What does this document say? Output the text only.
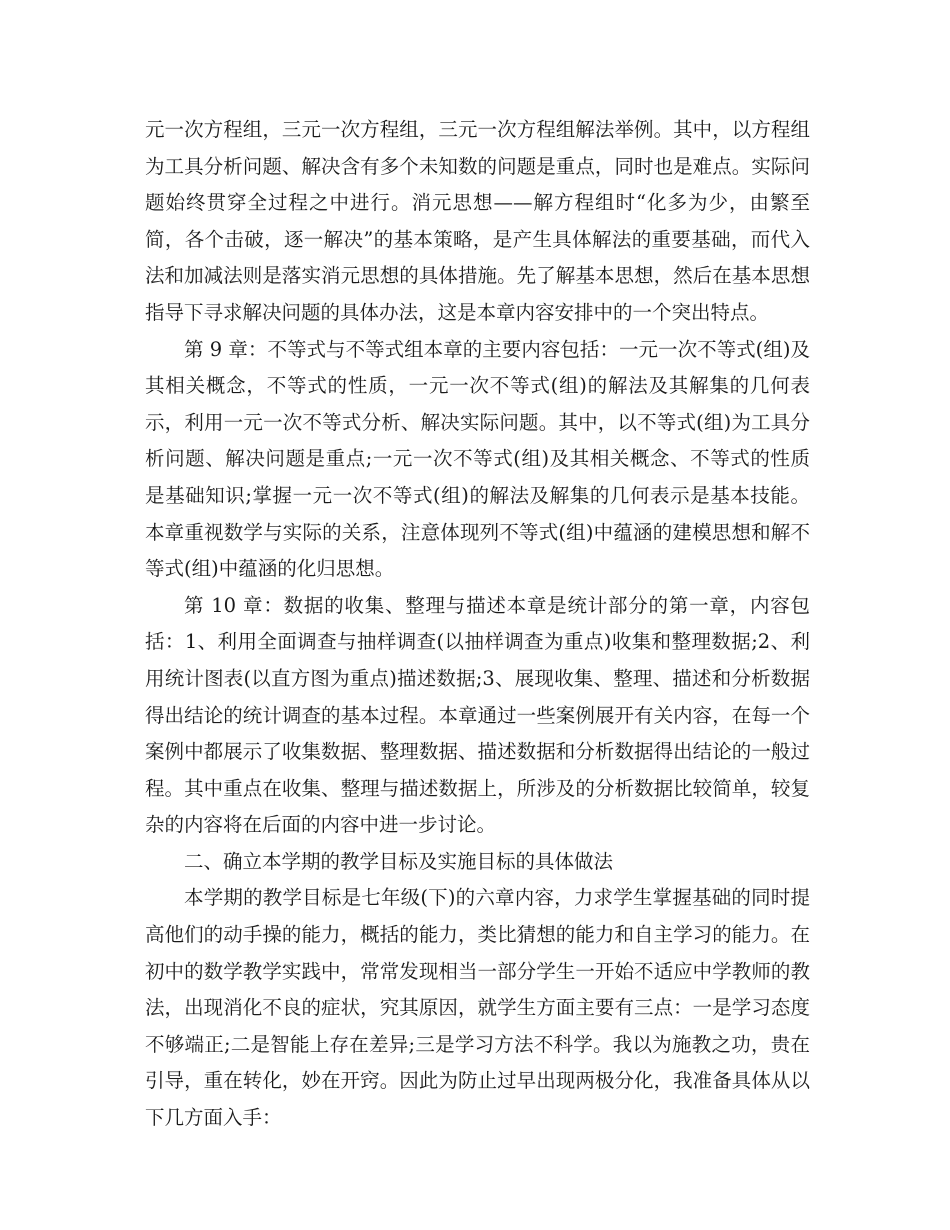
元一次方程组，三元一次方程组，三元一次方程组解法举例。其中，以方程组为工具分析问题、解决含有多个未知数的问题是重点，同时也是难点。实际问题始终贯穿全过程之中进行。消元思想——解方程组时“化多为少，由繁至简，各个击破，逐一解决”的基本策略，是产生具体解法的重要基础，而代入法和加减法则是落实消元思想的具体措施。先了解基本思想，然后在基本思想指导下寻求解决问题的具体办法，这是本章内容安排中的一个突出特点。

第 9 章：不等式与不等式组本章的主要内容包括：一元一次不等式(组)及其相关概念，不等式的性质，一元一次不等式(组)的解法及其解集的几何表示，利用一元一次不等式分析、解决实际问题。其中，以不等式(组)为工具分析问题、解决问题是重点;一元一次不等式(组)及其相关概念、不等式的性质是基础知识;掌握一元一次不等式(组)的解法及解集的几何表示是基本技能。本章重视数学与实际的关系，注意体现列不等式(组)中蕴涵的建模思想和解不等式(组)中蕴涵的化归思想。

第 10 章：数据的收集、整理与描述本章是统计部分的第一章，内容包括：1、利用全面调查与抽样调查(以抽样调查为重点)收集和整理数据;2、利用统计图表(以直方图为重点)描述数据;3、展现收集、整理、描述和分析数据得出结论的统计调查的基本过程。本章通过一些案例展开有关内容，在每一个案例中都展示了收集数据、整理数据、描述数据和分析数据得出结论的一般过程。其中重点在收集、整理与描述数据上，所涉及的分析数据比较简单，较复杂的内容将在后面的内容中进一步讨论。

二、确立本学期的教学目标及实施目标的具体做法

本学期的教学目标是七年级(下)的六章内容，力求学生掌握基础的同时提高他们的动手操的能力，概括的能力，类比猜想的能力和自主学习的能力。在初中的数学教学实践中，常常发现相当一部分学生一开始不适应中学教师的教法，出现消化不良的症状，究其原因，就学生方面主要有三点：一是学习态度不够端正;二是智能上存在差异;三是学习方法不科学。我以为施教之功，贵在引导，重在转化，妙在开窍。因此为防止过早出现两极分化，我准备具体从以下几方面入手：
